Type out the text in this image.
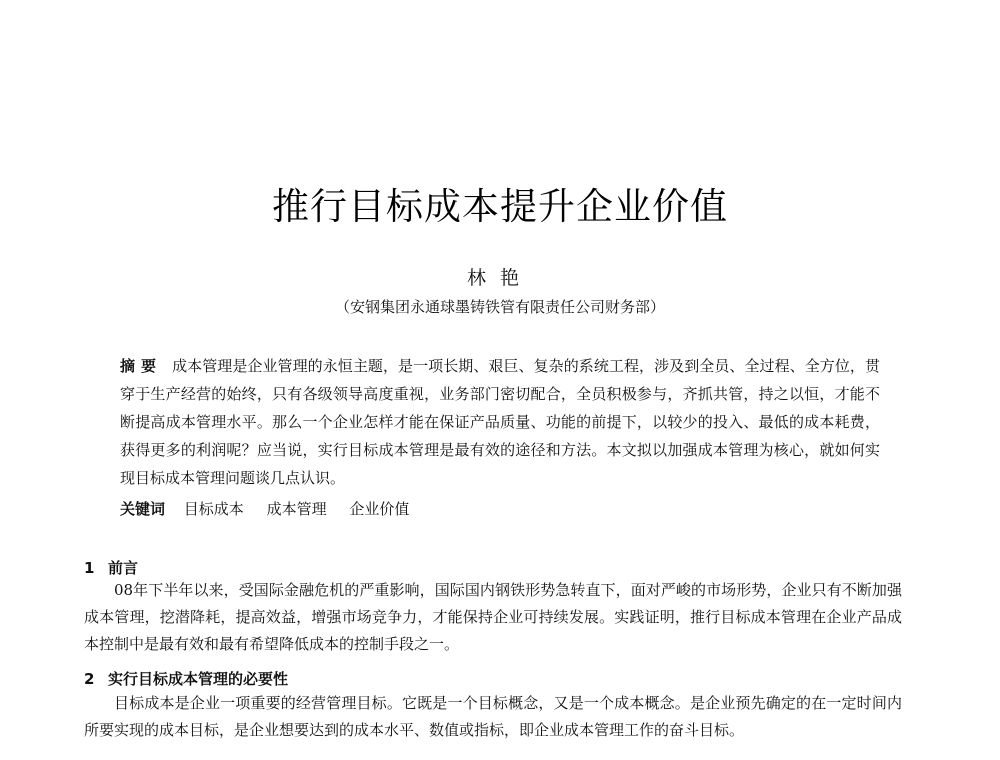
推行目标成本提升企业价值

林艳

（安钢集团永通球墨铸铁管有限责任公司财务部）

摘要 成本管理是企业管理的永恒主题，是一项长期、艰巨、复杂的系统工程，涉及到全员、全过程、全方位，贯穿于生产经营的始终，只有各级领导高度重视，业务部门密切配合，全员积极参与，齐抓共管，持之以恒，才能不断提高成本管理水平。那么一个企业怎样才能在保证产品质量、功能的前提下，以较少的投入、最低的成本耗费，获得更多的利润呢？应当说，实行目标成本管理是最有效的途径和方法。本文拟以加强成本管理为核心，就如何实现目标成本管理问题谈几点认识。

关键词 目标成本 成本管理 企业价值

1 前言

08年下半年以来，受国际金融危机的严重影响，国际国内钢铁形势急转直下，面对严峻的市场形势，企业只有不断加强成本管理，挖潜降耗，提高效益，增强市场竞争力，才能保持企业可持续发展。实践证明，推行目标成本管理在企业产品成本控制中是最有效和最有希望降低成本的控制手段之一。

2 实行目标成本管理的必要性

目标成本是企业一项重要的经营管理目标。它既是一个目标概念，又是一个成本概念。是企业预先确定的在一定时间内所要实现的成本目标，是企业想要达到的成本水平、数值或指标，即企业成本管理工作的奋斗目标。
